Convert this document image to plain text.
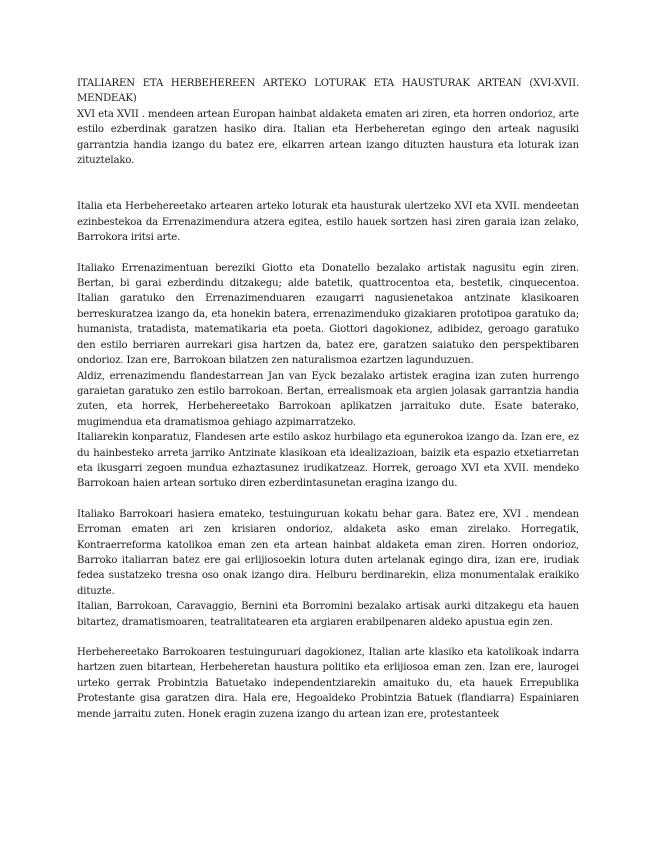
ITALIAREN ETA HERBEHEREEN ARTEKO LOTURAK ETA HAUSTURAK ARTEAN (XVI-XVII. MENDEAK)

XVI eta XVII . mendeen artean Europan hainbat aldaketa ematen ari ziren, eta horren ondorioz, arte estilo ezberdinak garatzen hasiko dira. Italian eta Herbeheretan egingo den arteak nagusiki garrantzia handia izango du batez ere, elkarren artean izango dituzten haustura eta loturak izan zituztelako.

Italia eta Herbehereetako artearen arteko loturak eta hausturak ulertzeko XVI eta XVII. mendeetan ezinbestekoa da Errenazimendura atzera egitea, estilo hauek sortzen hasi ziren garaia izan zelako, Barrokora iritsi arte.

Italiako Errenazimentuan bereziki Giotto eta Donatello bezalako artistak nagusitu egin ziren. Bertan, bi garai ezberdindu ditzakegu; alde batetik, quattrocentoa eta, bestetik, cinquecentoa. Italian garatuko den Errenazimenduaren ezaugarri nagusienetakoa antzinate klasikoaren berreskuratzea izango da, eta honekin batera, errenazimenduko gizakiaren prototipoa garatuko da; humanista, tratadista, matematikaria eta poeta. Giottori dagokionez, adibidez, geroago garatuko den estilo berriaren aurrekari gisa hartzen da, batez ere, garatzen saiatuko den perspektibaren ondorioz. Izan ere, Barrokoan bilatzen zen naturalismoa ezartzen lagunduzuen.

Aldiz, errenazimendu flandestarrean Jan van Eyck bezalako artistek eragina izan zuten hurrengo garaietan garatuko zen estilo barrokoan. Bertan, errealismoak eta argien jolasak garrantzia handia zuten, eta horrek, Herbehereetako Barrokoan aplikatzen jarraituko dute. Esate baterako, mugimendua eta dramatismoa gehiago azpimarratzeko.

Italiarekin konparatuz, Flandesen arte estilo askoz hurbilago eta egunerokoa izango da. Izan ere, ez du hainbesteko arreta jarriko Antzinate klasikoan eta idealizazioan, baizik eta espazio etxetiarretan eta ikusgarri zegoen mundua ezhaztasunez irudikatzeaz. Horrek, geroago XVI eta XVII. mendeko Barrokoan haien artean sortuko diren ezberdintasunetan eragina izango du.

Italiako Barrokoari hasiera emateko, testuinguruan kokatu behar gara. Batez ere, XVI . mendean Erroman ematen ari zen krisiaren ondorioz, aldaketa asko eman zirelako. Horregatik, Kontraerreforma katolikoa eman zen eta artean hainbat aldaketa eman ziren. Horren ondorioz, Barroko italiarran batez ere gai erlijiosoekin lotura duten artelanak egingo dira, izan ere, irudiak fedea sustatzeko tresna oso onak izango dira. Helburu berdinarekin, eliza monumentalak eraikiko dituzte.

Italian, Barrokoan, Caravaggio, Bernini eta Borromini bezalako artisak aurki ditzakegu eta hauen bitartez, dramatismoaren, teatralitatearen eta argiaren erabilpenaren aldeko apustua egin zen.

Herbehereetako Barrokoaren testuinguruari dagokionez, Italian arte klasiko eta katolikoak indarra hartzen zuen bitartean, Herbeheretan haustura politiko eta erlijiosoa eman zen. Izan ere, laurogei urteko gerrak Probintzia Batuetako independentziarekin amaituko du, eta hauek Errepublika Protestante gisa garatzen dira. Hala ere, Hegoaldeko Probintzia Batuek (flandiarra) Espainiaren mende jarraitu zuten. Honek eragin zuzena izango du artean izan ere, protestanteek
